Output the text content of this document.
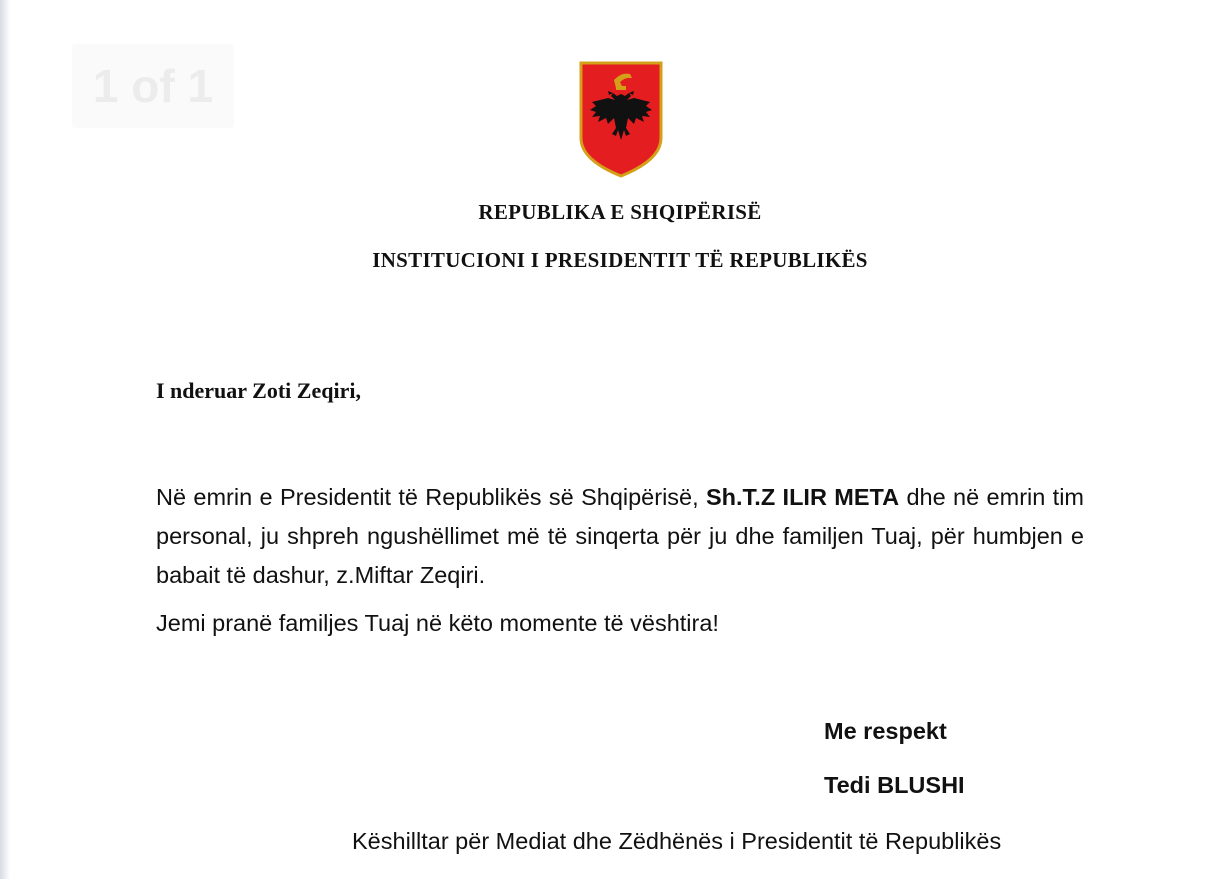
1 of 1
REPUBLIKA E SHQIPËRISË
INSTITUCIONI I PRESIDENTIT TË REPUBLIKËS
I nderuar Zoti Zeqiri,
Në emrin e Presidentit të Republikës së Shqipërisë, Sh.T.Z ILIR META dhe në emrin tim personal, ju shpreh ngushëllimet më të sinqerta për ju dhe familjen Tuaj, për humbjen e babait të dashur, z.Miftar Zeqiri.
Jemi pranë familjes Tuaj në këto momente të vështira!
Me respekt
Tedi BLUSHI
Këshilltar për Mediat dhe Zëdhënës i Presidentit të Republikës
